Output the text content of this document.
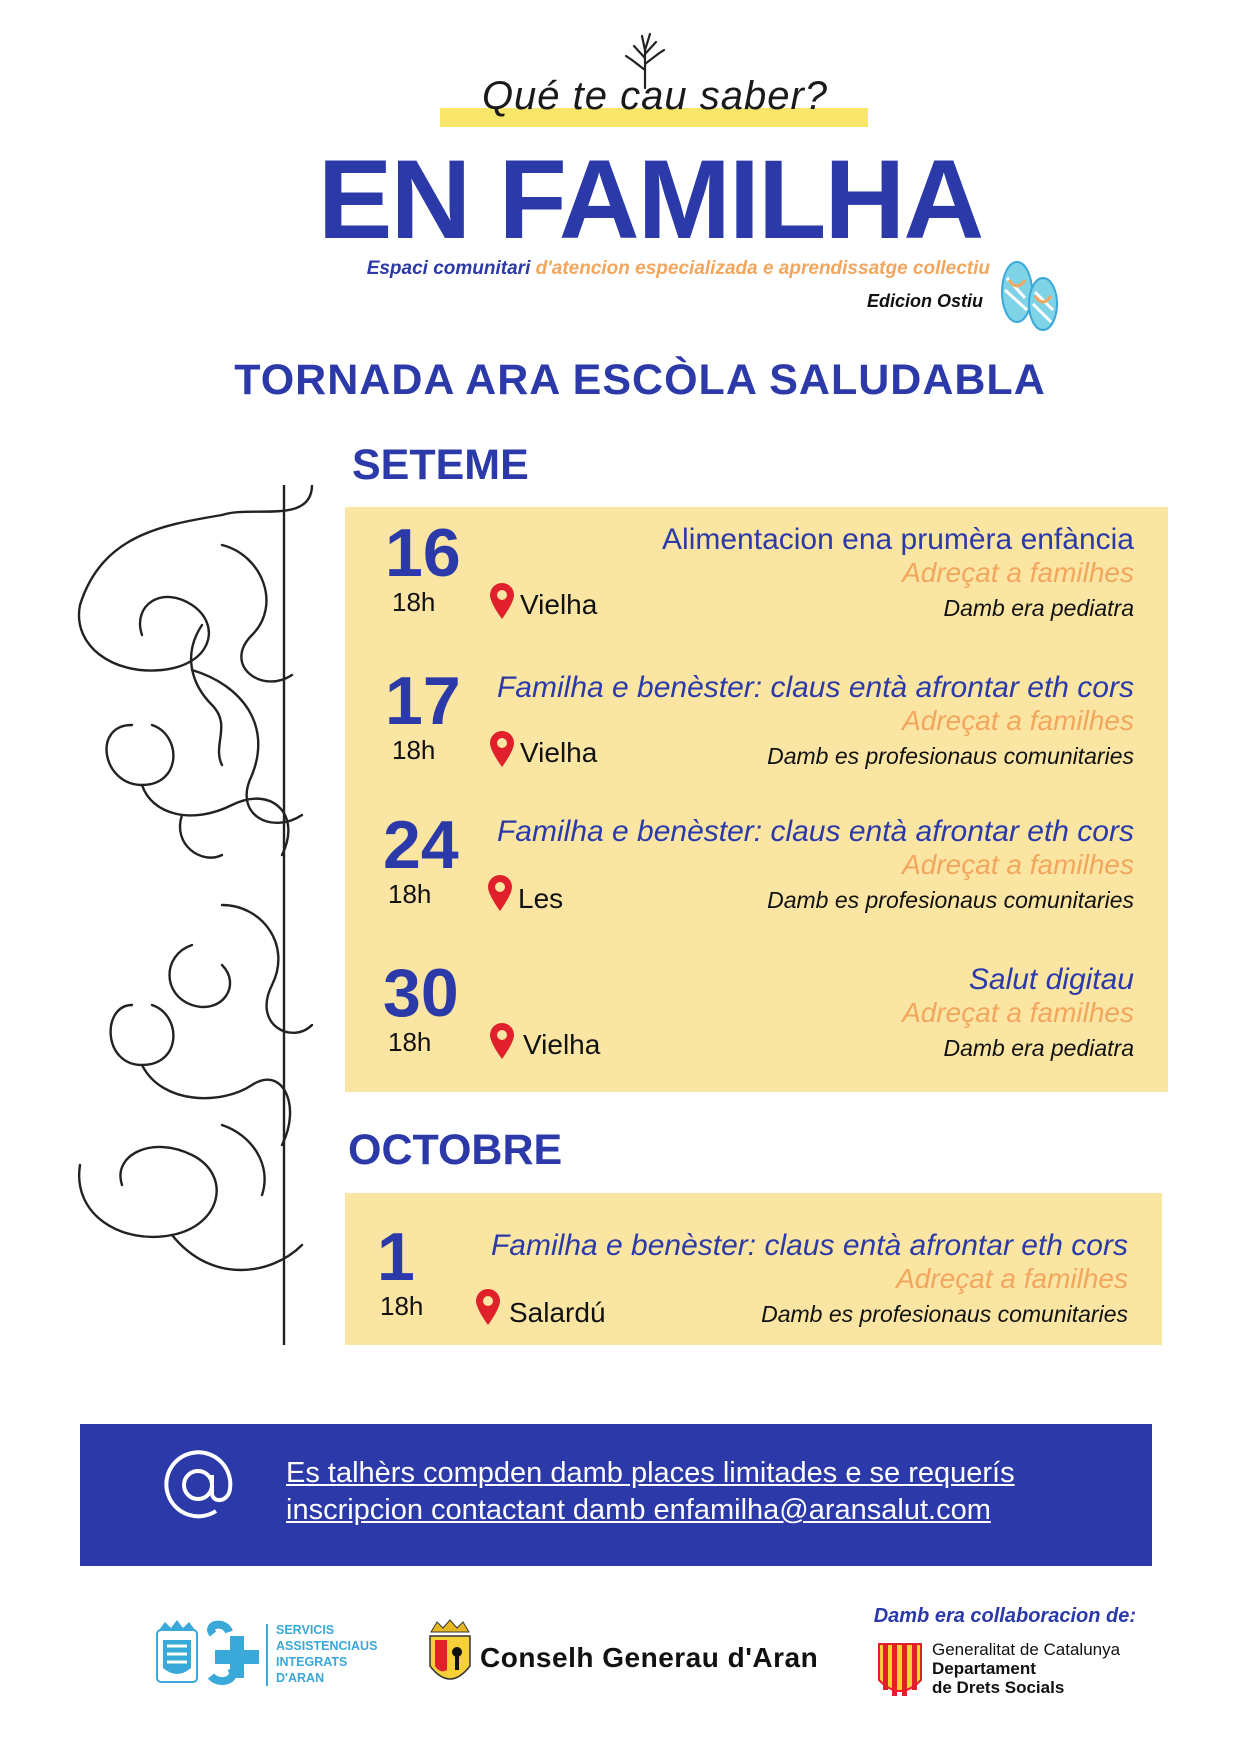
Qué te cau saber?
EN FAMILHA
Espaci comunitari d'atencion especializada e aprendissatge collectiu
Edicion Ostiu
TORNADA ARA ESCÒLA SALUDABLA
SETEME
16
18h	Vielha
Alimentacion ena prumèra enfància
Adreçat a familhes
Damb era pediatra
17
18h	Vielha
Familha e benèster: claus entà afrontar eth cors
Adreçat a familhes
Damb es profesionaus comunitaries
24
18h	Les
Familha e benèster: claus entà afrontar eth cors
Adreçat a familhes
Damb es profesionaus comunitaries
30
18h	Vielha
Salut digitau
Adreçat a familhes
Damb era pediatra
OCTOBRE
1
18h	Salardú
Familha e benèster: claus entà afrontar eth cors
Adreçat a familhes
Damb es profesionaus comunitaries
Es talhèrs compden damb places limitades e se requerís
inscripcion contactant damb enfamilha@aransalut.com
Damb era collaboracion de:
SERVICIS
ASSISTENCIAUS
INTEGRATS
D'ARAN
Conselh Generau d'Aran	Generalitat de Catalunya
Departament
de Drets Socials
